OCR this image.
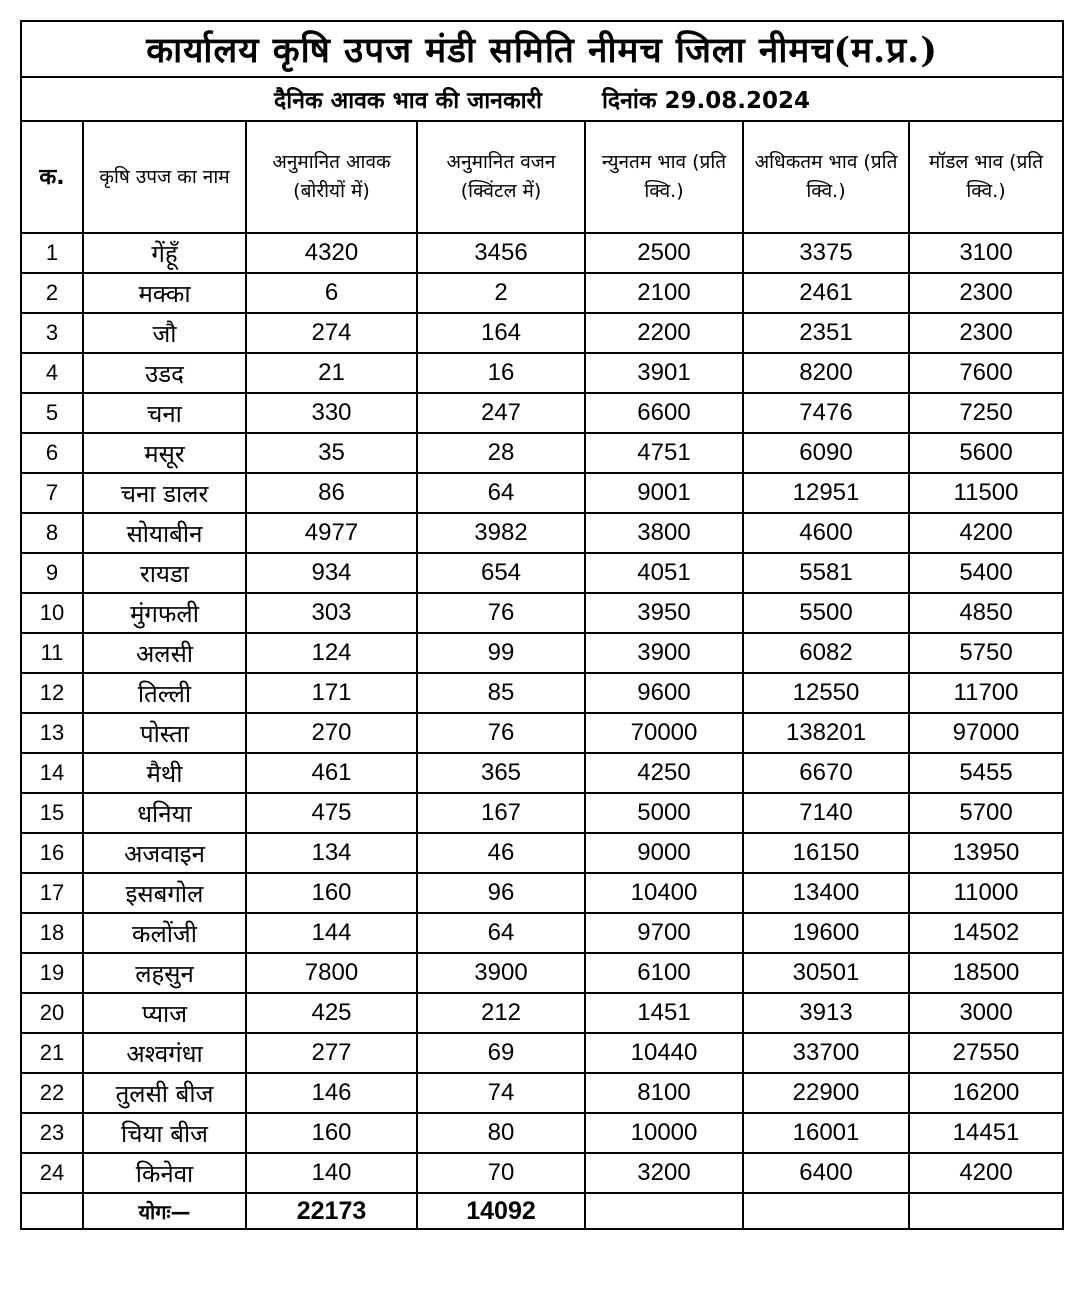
कार्यालय कृषि उपज मंडी समिति नीमच जिला नीमच(म.प्र.)						
दैनिक आवक भाव की जानकारी दिनांक 29.08.2024						
क.	कृषि उपज का नाम	अनुमानित आवक (बोरीयों में)	अनुमानित वजन (क्विंटल में)	न्युनतम भाव (प्रति क्वि.)	अधिकतम भाव (प्रति क्वि.)	मॉडल भाव (प्रति क्वि.)
1	गेंहूँ	4320	3456	2500	3375	3100
2	मक्का	6	2	2100	2461	2300
3	जौ	274	164	2200	2351	2300
4	उडद	21	16	3901	8200	7600
5	चना	330	247	6600	7476	7250
6	मसूर	35	28	4751	6090	5600
7	चना डालर	86	64	9001	12951	11500
8	सोयाबीन	4977	3982	3800	4600	4200
9	रायडा	934	654	4051	5581	5400
10	मुंगफली	303	76	3950	5500	4850
11	अलसी	124	99	3900	6082	5750
12	तिल्ली	171	85	9600	12550	11700
13	पोस्ता	270	76	70000	138201	97000
14	मैथी	461	365	4250	6670	5455
15	धनिया	475	167	5000	7140	5700
16	अजवाइन	134	46	9000	16150	13950
17	इसबगोल	160	96	10400	13400	11000
18	कलोंजी	144	64	9700	19600	14502
19	लहसुन	7800	3900	6100	30501	18500
20	प्याज	425	212	1451	3913	3000
21	अश्वगंधा	277	69	10440	33700	27550
22	तुलसी बीज	146	74	8100	22900	16200
23	चिया बीज	160	80	10000	16001	14451
24	किनेवा	140	70	3200	6400	4200
	योगः—	22173	14092			
